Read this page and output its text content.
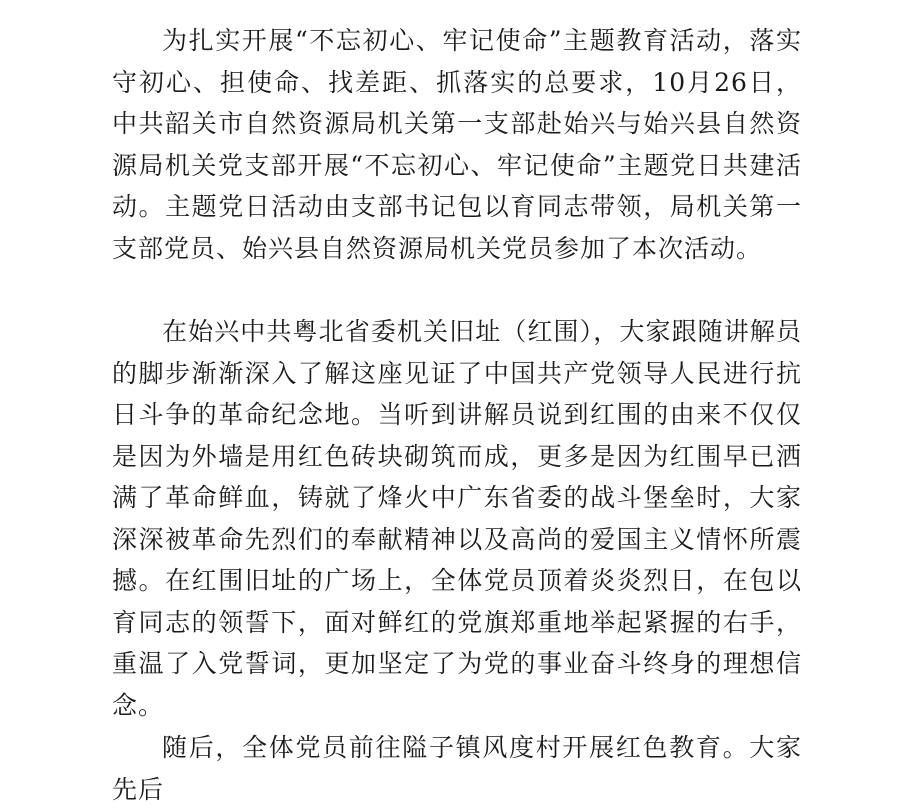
为扎实开展“不忘初心、牢记使命”主题教育活动，落实守初心、担使命、找差距、抓落实的总要求，10月26日，中共韶关市自然资源局机关第一支部赴始兴与始兴县自然资源局机关党支部开展“不忘初心、牢记使命”主题党日共建活动。主题党日活动由支部书记包以育同志带领，局机关第一支部党员、始兴县自然资源局机关党员参加了本次活动。

在始兴中共粤北省委机关旧址（红围），大家跟随讲解员的脚步渐渐深入了解这座见证了中国共产党领导人民进行抗日斗争的革命纪念地。当听到讲解员说到红围的由来不仅仅是因为外墙是用红色砖块砌筑而成，更多是因为红围早已洒满了革命鲜血，铸就了烽火中广东省委的战斗堡垒时，大家深深被革命先烈们的奉献精神以及高尚的爱国主义情怀所震撼。在红围旧址的广场上，全体党员顶着炎炎烈日，在包以育同志的领誓下，面对鲜红的党旗郑重地举起紧握的右手，重温了入党誓词，更加坚定了为党的事业奋斗终身的理想信念。

随后，全体党员前往隘子镇风度村开展红色教育。大家先后
